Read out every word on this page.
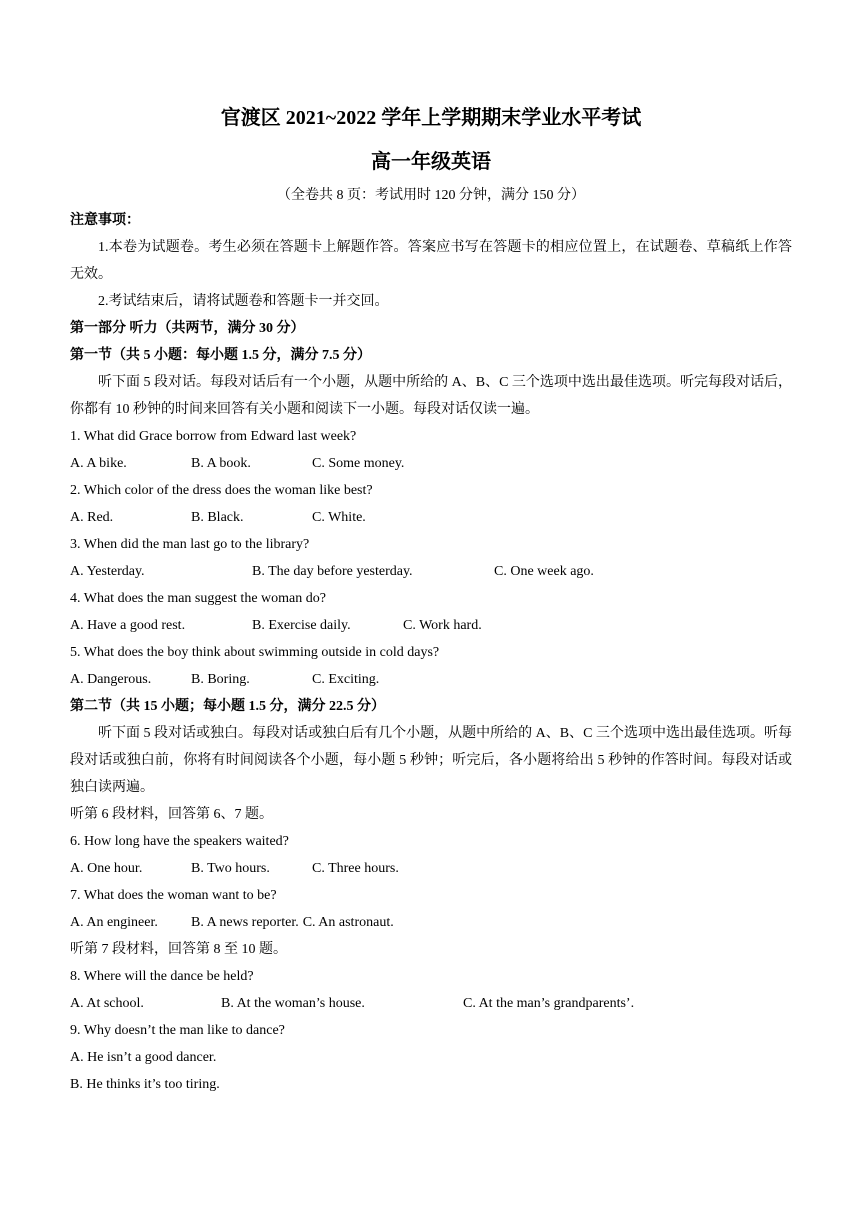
官渡区 2021~2022 学年上学期期末学业水平考试

高一年级英语

（全卷共 8 页：考试用时 120 分钟，满分 150 分）

注意事项：

1.本卷为试题卷。考生必须在答题卡上解题作答。答案应书写在答题卡的相应位置上，在试题卷、草稿纸上作答无效。

2.考试结束后，请将试题卷和答题卡一并交回。

第一部分 听力（共两节，满分 30 分）

第一节（共 5 小题：每小题 1.5 分，满分 7.5 分）

听下面 5 段对话。每段对话后有一个小题，从题中所给的 A、B、C 三个选项中选出最佳选项。听完每段对话后，你都有 10 秒钟的时间来回答有关小题和阅读下一小题。每段对话仅读一遍。

1. What did Grace borrow from Edward last week?

A. A bike.	B. A book.	C. Some money.

2. Which color of the dress does the woman like best?

A. Red.	B. Black.	C. White.

3. When did the man last go to the library?

A. Yesterday.	B. The day before yesterday.	C. One week ago.

4. What does the man suggest the woman do?

A. Have a good rest.	B. Exercise daily.	C. Work hard.

5. What does the boy think about swimming outside in cold days?

A. Dangerous.	B. Boring.	C. Exciting.

第二节（共 15 小题；每小题 1.5 分，满分 22.5 分）

听下面 5 段对话或独白。每段对话或独白后有几个小题，从题中所给的 A、B、C 三个选项中选出最佳选项。听每段对话或独白前，你将有时间阅读各个小题，每小题 5 秒钟；听完后，各小题将给出 5 秒钟的作答时间。每段对话或独白读两遍。

听第 6 段材料，回答第 6、7 题。

6. How long have the speakers waited?

A. One hour.	B. Two hours.	C. Three hours.

7. What does the woman want to be?

A. An engineer.	B. A news reporter. C. An astronaut.

听第 7 段材料，回答第 8 至 10 题。

8. Where will the dance be held?

A. At school.	B. At the woman’s house.	C. At the man’s grandparents’.

9. Why doesn’t the man like to dance?

A. He isn’t a good dancer.

B. He thinks it’s too tiring.
